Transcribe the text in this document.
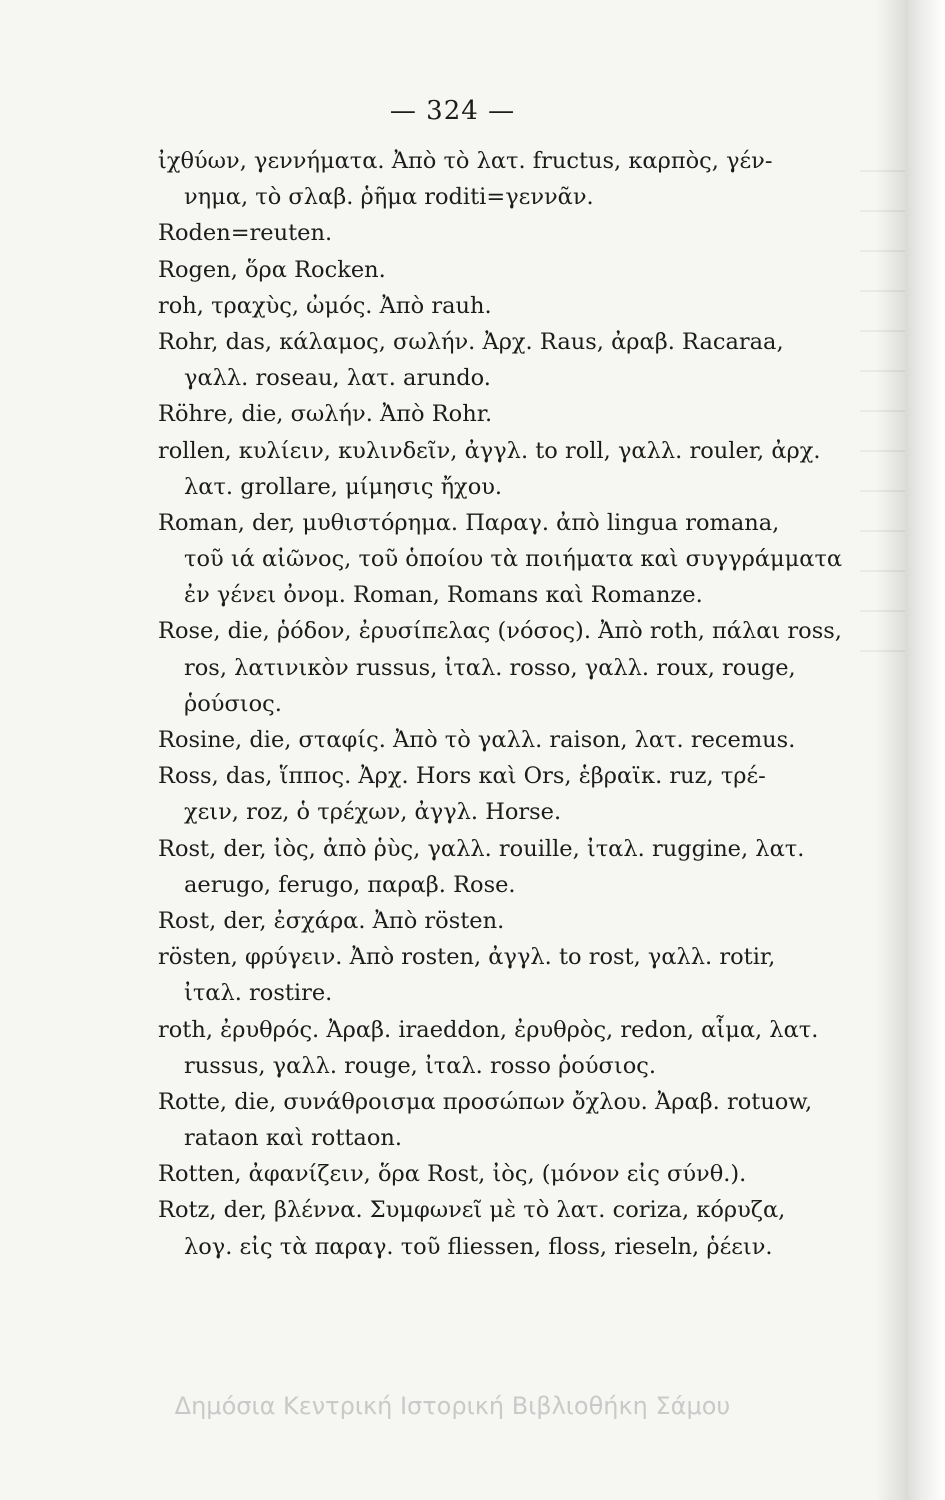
— 324 —
ἰχθύων, γεννήματα. Ἀπὸ τὸ λατ. fructus, καρπὸς, γέν-
νημα, τὸ σλαβ. ῥῆμα roditi=γεννᾶν.
Roden=reuten.
Rogen, ὅρα Rocken.
roh, τραχὺς, ὠμός. Ἀπὸ rauh.
Rohr, das, κάλαμος, σωλήν. Ἀρχ. Raus, ἀραβ. Racaraa,
γαλλ. roseau, λατ. arundo.
Röhre, die, σωλήν. Ἀπὸ Rohr.
rollen, κυλίειν, κυλινδεῖν, ἀγγλ. to roll, γαλλ. rouler, ἀρχ.
λατ. grollare, μίμησις ἤχου.
Roman, der, μυθιστόρημα. Παραγ. ἀπὸ lingua romana,
τοῦ ιά αἰῶνος, τοῦ ὁποίου τὰ ποιήματα καὶ συγγράμματα
ἐν γένει ὀνομ. Roman, Romans καὶ Romanze.
Rose, die, ῥόδον, ἐρυσίπελας (νόσος). Ἀπὸ roth, πάλαι ross,
ros, λατινικὸν russus, ἰταλ. rosso, γαλλ. roux, rouge,
ῥούσιος.
Rosine, die, σταφίς. Ἀπὸ τὸ γαλλ. raison, λατ. recemus.
Ross, das, ἵππος. Ἀρχ. Hors καὶ Ors, ἑβραϊκ. ruz, τρέ-
χειν, roz, ὁ τρέχων, ἀγγλ. Horse.
Rost, der, ἰὸς, ἀπὸ ῥὺς, γαλλ. rouille, ἰταλ. ruggine, λατ.
aerugo, ferugo, παραβ. Rose.
Rost, der, ἐσχάρα. Ἀπὸ rösten.
rösten, φρύγειν. Ἀπὸ rosten, ἀγγλ. to rost, γαλλ. rotir,
ἰταλ. rostire.
roth, ἐρυθρός. Ἀραβ. iraeddon, ἐρυθρὸς, redon, αἷμα, λατ.
russus, γαλλ. rouge, ἰταλ. rosso ῥούσιος.
Rotte, die, συνάθροισμα προσώπων ὄχλου. Ἀραβ. rotuow,
rataon καὶ rottaon.
Rotten, ἀφανίζειν, ὅρα Rost, ἰὸς, (μόνον εἰς σύνθ.).
Rotz, der, βλέννα. Συμφωνεῖ μὲ τὸ λατ. coriza, κόρυζα,
λογ. εἰς τὰ παραγ. τοῦ fliessen, floss, rieseln, ῥέειν.
Δημόσια Κεντρική Ιστορική Βιβλιοθήκη Σάμου
